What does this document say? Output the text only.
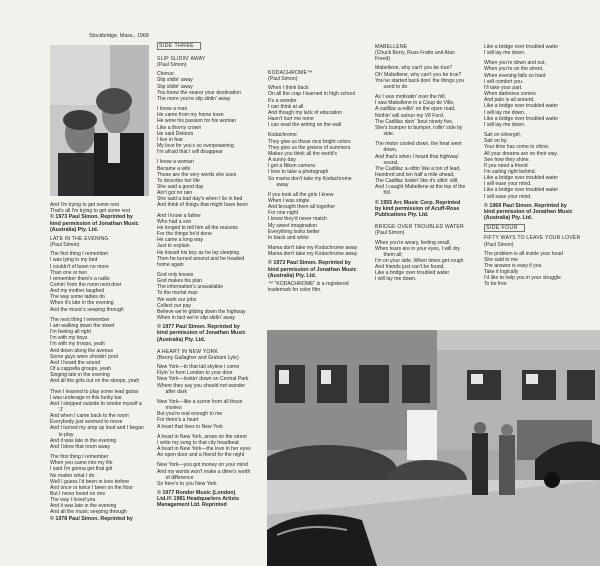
Stockbridge, Mass., 1968
And I'm trying to get some rest
That's all I'm trying to get some rest
© 1973 Paul Simon. Reprinted by
kind permission of Jonathan Music
(Australia) Pty. Ltd.
LATE IN THE EVENING
(Paul Simon)
The first thing I remember
I was lying in my bed
I couldn't of been no more
Than one or two
I remember there's a radio
Comin' from the room next door
And my mother laughed
The way some ladies do
When it's late in the evening
And the music's seeping through

The next thing I remember
I am walking down the street
I'm feeling all right
I'm with my boys
I'm with my troops, yeah
And down along the avenue
Some guys were shootin' pool
And I heard the sound
Of a cappella groups, yeah
Singing late in the evening
And all the girls out on the stoops, yeah

Then I learned to play some lead guitar
I was underage in this funky bar
And I stepped outside to smoke myself a
'J'
And when I came back to the room
Everybody just seemed to move
And I turned my amp up loud and I began
to play
And it was late in the evening
And I blew that room away

The first thing I remember
When you came into my life
I said I'm gonna get that girl
No matter what I do
Well I guess I'd been in love before
And once or twice I been on the floor
But I never loved no one
The way I loved you
And it was late in the evening
And all the music seeping through
© 1978 Paul Simon. Reprinted by
SIDE THREE
SLIP SLIDIN' AWAY
(Paul Simon)
Chorus:
Slip slidin' away
Slip slidin' away
You know the nearer your destination
The more you're slip slidin' away

I know a man
He came from my home town
He wore his passion for his woman
Like a thorny crown
He said Delores
I live in fear
My love for you's so overpowering
I'm afraid that I will disappear

I know a woman
Became a wife
These are the very words she uses
To describe her life
She said a good day
Ain't got no rain
She said a bad day's when I lie in bed
And think of things that might have been

And I know a father
Who had a son
He longed to tell him all the reasons
For the things he'd done
He came a long way
Just to explain
He kissed his boy as he lay sleeping
Then he turned around and he headed
home again

God only knows
God makes his plan
The information's unavailable
To the mortal man
We work our jobs
Collect our pay
Believe we're gliding down the highway
When in fact we're slip slidin' away
© 1977 Paul Simon. Reprinted by
kind permission of Jonathan Music
(Australia) Pty. Ltd.
A HEART IN NEW YORK
(Benny Gallagher and Graham Lyle)
New York—to that tall skyline I come
Flyin' in from London to your door
New York—lookin' down on Central Park
Where they say you should not wander
after dark

New York—like a scene from all those
movies
But you're real enough to me
For there's a heart
A heart that lives in New York

A heart in New York, arose on the street
I write my song to that city heartbeat
A heart in New York—the love in her eyes
An open door and a friend for the night

New York—you got money on your mind
And my words won't make a dime's worth
of difference
So here's to you New York
© 1977 Rondor Music (London)
Ltd./© 1981 Headquarters Artists
Management Ltd. Reprinted
KODACHROME™
(Paul Simon)
When I think back
On all the crap I learned in high school
It's a wonder
I can think at all
And though my lack of education
Hasn't hurt me none
I can read the writing on the wall

Kodachrome
They give us those nice bright colors
They give us the greens of summers
Makes you think all the world's
A sunny day
I got a Nikon camera
I love to take a photograph
So mama don't take my Kodachrome
away

If you took all the girls I knew
When I was single
And brought them all together
For one night
I know they'd never match
My sweet imagination
Everything looks better
In black and white

Mama don't take my Kodachrome away
Mama don't take my Kodachrome away
© 1973 Paul Simon. Reprinted by
kind permission of Jonathan Music
(Australia) Pty. Ltd.
™ "KODACHROME" is a registered
trademark for color film.
MABELLENE
(Chuck Berry, Russ Fratto and Alan
Freed)
Mabellene, why can't you be true?
Oh' Mabellene, why can't you be true?
You've started back doin' the things you
used to do

As I was motivatin' over the hill,
I saw Mabellene in a Coup de Ville,
A cadillac a-rollin' on the open road,
Nothin' will outrun my V8 Ford,
The Cadillac doin' 'bout ninety five,
She's bumper to bumper, rollin' side by
side.

The motor cooled down, the heat went
down,
And that's when I heard that highway
sound,
The Cadillac a-sittin' like a ton of lead,
Hundred and ten half a mile ahead,
The Cadillac lookin' like it's sittin' still,
And I caught Mabellene at the top of the
hill.
© 1955 Arc Music Corp. Reprinted
by kind permission of Acuff-Rose
Publications Pty. Ltd.
BRIDGE OVER TROUBLED WATER
(Paul Simon)
When you're weary, feeling small,
When tears are in your eyes, I will dry
them all;
I'm on your side. When times get rough
And friends just can't be found,
Like a bridge over troubled water
I will lay me down.
Like a bridge over troubled water
I will lay me down.

When you're down and out,
When you're on the street,
When evening falls so hard
I will comfort you.
I'll take your part.
When darkness comes
And pain is all around,
Like a bridge over troubled water
I will lay me down.
Like a bridge over troubled water
I will lay me down.

Sail on silvergirl,
Sail on by.
Your time has come to shine.
All your dreams are on their way.
See how they shine.
If you need a friend
I'm sailing right behind.
Like a bridge over troubled water
I will ease your mind.
Like a bridge over troubled water
I will ease your mind.
© 1969 Paul Simon. Reprinted by
kind permission of Jonathan Music
(Australia) Pty. Ltd.
SIDE FOUR
FIFTY WAYS TO LEAVE YOUR LOVER
(Paul Simon)
The problem is all inside your head
She said to me
The answer is easy if you
Take it logically
I'd like to help you in your struggle
To be free
